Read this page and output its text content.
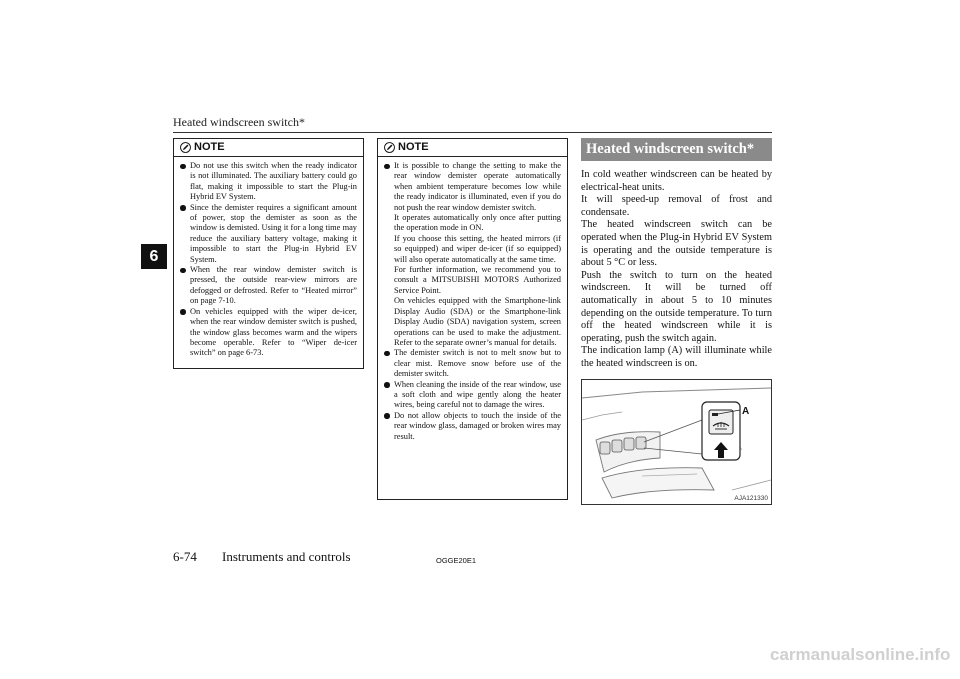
Heated windscreen switch*
6
NOTE
Do not use this switch when the ready indicator is not illuminated. The auxiliary battery could go flat, making it impossible to start the Plug-in Hybrid EV System.
Since the demister requires a significant amount of power, stop the demister as soon as the window is demisted. Using it for a long time may reduce the auxiliary battery voltage, making it impossible to start the Plug-in Hybrid EV System.
When the rear window demister switch is pressed, the outside rear-view mirrors are defogged or defrosted. Refer to “Heated mirror” on page 7-10.
On vehicles equipped with the wiper de-icer, when the rear window demister switch is pushed, the window glass becomes warm and the wipers become operable. Refer to “Wiper de-icer switch” on page 6-73.
NOTE

It is possible to change the setting to make the rear window demister operate automatically when ambient temperature becomes low while the ready indicator is illuminated, even if you do not push the rear window demister switch.

It operates automatically only once after putting the operation mode in ON.

If you choose this setting, the heated mirrors (if so equipped) and wiper de-icer (if so equipped) will also operate automatically at the same time.

For further information, we recommend you to consult a MITSUBISHI MOTORS Authorized Service Point.

On vehicles equipped with the Smartphone-link Display Audio (SDA) or the Smartphone-link Display Audio (SDA) navigation system, screen operations can be used to make the adjustment. Refer to the separate owner’s manual for details.

The demister switch is not to melt snow but to clear mist. Remove snow before use of the demister switch.
When cleaning the inside of the rear window, use a soft cloth and wipe gently along the heater wires, being careful not to damage the wires.
Do not allow objects to touch the inside of the rear window glass, damaged or broken wires may result.
Heated windscreen switch*

In cold weather windscreen can be heated by electrical-heat units.

It will speed-up removal of frost and condensate.

The heated windscreen switch can be operated when the Plug-in Hybrid EV System is operating and the outside temperature is about 5 °C or less.

Push the switch to turn on the heated windscreen. It will be turned off automatically in about 5 to 10 minutes depending on the outside temperature. To turn off the heated windscreen while it is operating, push the switch again.

The indication lamp (A) will illuminate while the heated windscreen is on.

A
AJA121330
6-74 Instruments and controls	OGGE20E1
carmanualsonline.info
